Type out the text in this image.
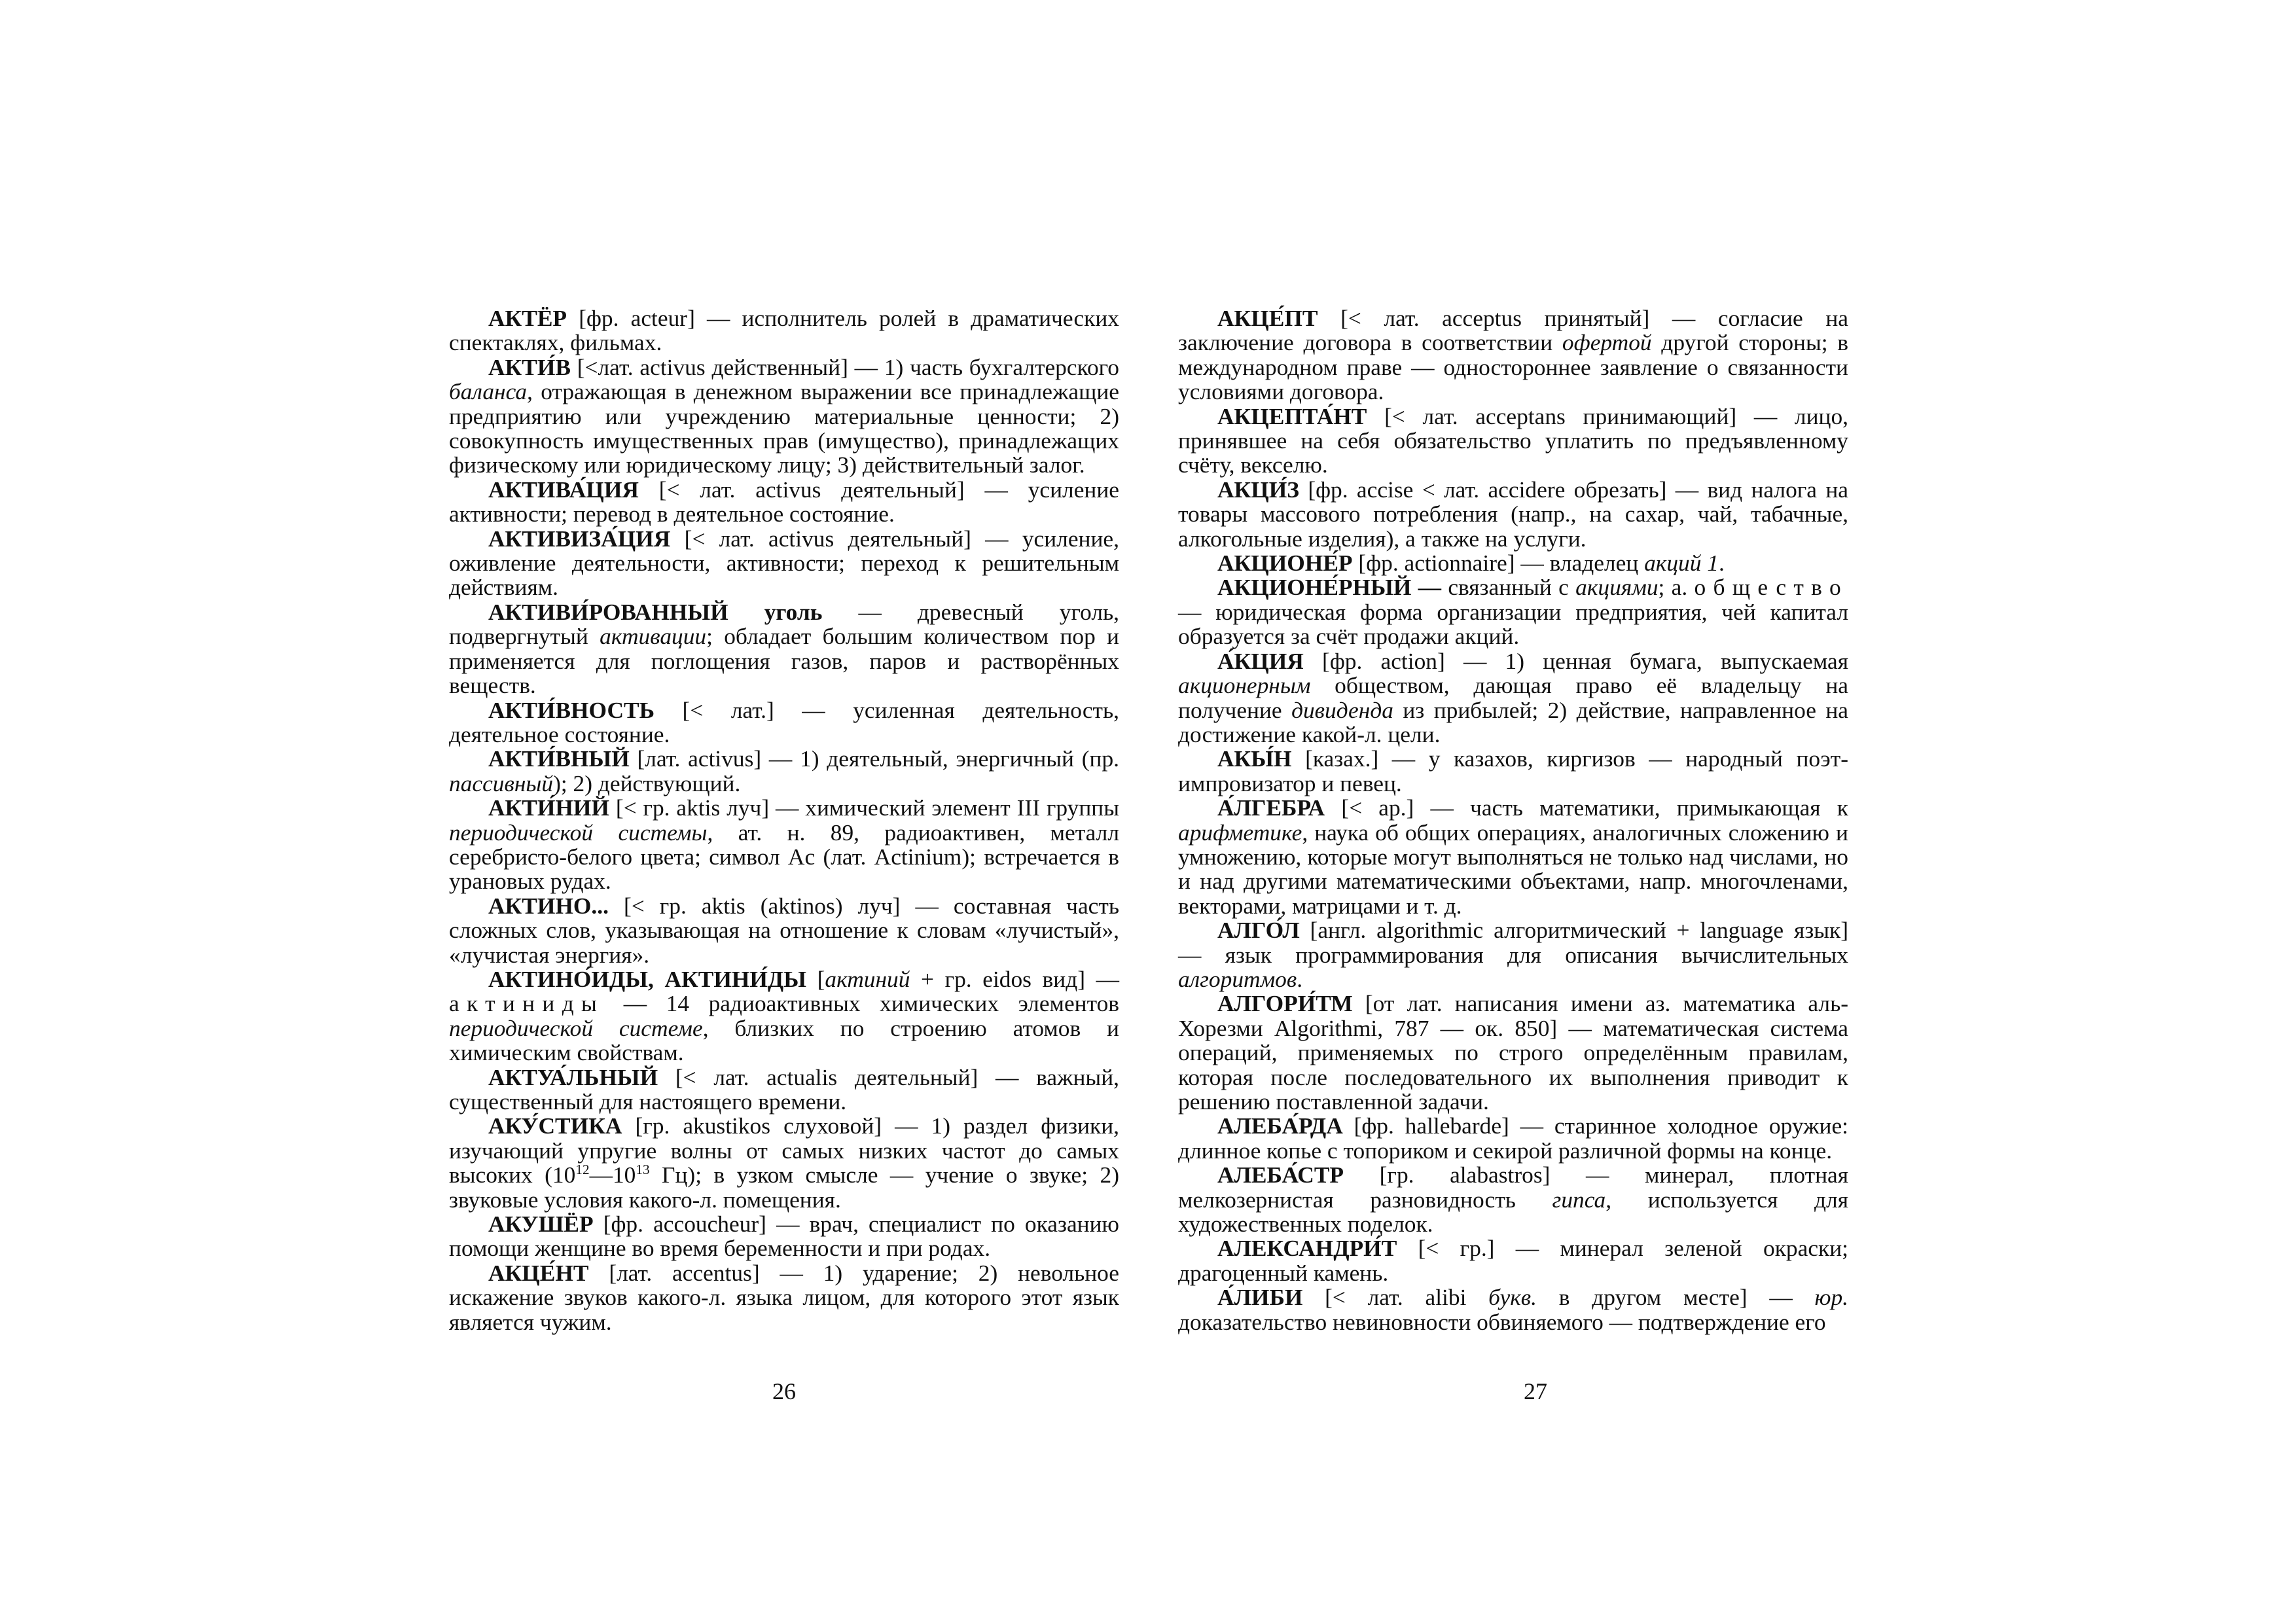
АКТЁР [фр. acteur] — исполнитель ролей в драматических спектаклях, фильмах.

АКТИ́В [<лат. activus действенный] — 1) часть бухгалтерского баланса, отражающая в денежном выражении все принадлежащие предприятию или учреждению материальные ценности; 2) совокупность имущественных прав (имущество), принадлежащих физическому или юридическому лицу; 3) действительный залог.

АКТИВА́ЦИЯ [< лат. activus деятельный] — усиление активности; перевод в деятельное состояние.

АКТИВИЗА́ЦИЯ [< лат. activus деятельный] — усиление, оживление деятельности, активности; переход к решительным действиям.

АКТИВИ́РОВАННЫЙ уголь — древесный уголь, подвергнутый активации; обладает большим количеством пор и применяется для поглощения газов, паров и растворённых веществ.

АКТИ́ВНОСТЬ [< лат.] — усиленная деятельность, деятельное состояние.

АКТИ́ВНЫЙ [лат. activus] — 1) деятельный, энергичный (пр. пассивный); 2) действующий.

АКТИ́НИЙ [< гр. aktis луч] — химический элемент III группы периодической системы, ат. н. 89, радиоактивен, металл серебристо-белого цвета; символ Ac (лат. Actinium); встречается в урановых рудах.

АКТИНО... [< гр. aktis (aktinos) луч] — составная часть сложных слов, указывающая на отношение к словам «лучистый», «лучистая энергия».

АКТИНО́ИДЫ, АКТИНИ́ДЫ [актиний + гр. eidos вид] — актиниды — 14 радиоактивных химических элементов периодической системе, близких по строению атомов и химическим свойствам.

АКТУА́ЛЬНЫЙ [< лат. actualis деятельный] — важный, существенный для настоящего времени.

АКУ́СТИКА [гр. akustikos слуховой] — 1) раздел физики, изучающий упругие волны от самых низких частот до самых высоких ($10^{12}—10^{13}$ Гц); в узком смысле — учение о звуке; 2) звуковые условия какого-л. помещения.

АКУШЁР [фр. accoucheur] — врач, специалист по оказанию помощи женщине во время беременности и при родах.

АКЦЕ́НТ [лат. accentus] — 1) ударение; 2) невольное искажение звуков какого-л. языка лицом, для которого этот язык является чужим.

АКЦЕ́ПТ [< лат. acceptus принятый] — согласие на заключение договора в соответствии офертой другой стороны; в международном праве — одностороннее заявление о связанности условиями договора.

АКЦЕПТА́НТ [< лат. acceptans принимающий] — лицо, принявшее на себя обязательство уплатить по предъявленному счёту, векселю.

АКЦИ́З [фр. accise < лат. accidere обрезать] — вид налога на товары массового потребления (напр., на сахар, чай, табачные, алкогольные изделия), а также на услуги.

АКЦИОНЕ́Р [фр. actionnaire] — владелец акций 1.

АКЦИОНЕ́РНЫЙ — связанный с акциями; а. общество — юридическая форма организации предприятия, чей капитал образуется за счёт продажи акций.

А́КЦИЯ [фр. action] — 1) ценная бумага, выпускаемая акционерным обществом, дающая право её владельцу на получение дивиденда из прибылей; 2) действие, направленное на достижение какой-л. цели.

АКЫ́Н [казах.] — у казахов, киргизов — народный поэт-импровизатор и певец.

А́ЛГЕБРА [< ар.] — часть математики, примыкающая к арифметике, наука об общих операциях, аналогичных сложению и умножению, которые могут выполняться не только над числами, но и над другими математическими объектами, напр. многочленами, векторами, матрицами и т. д.

АЛГО́Л [англ. algorithmic алгоритмический + language язык] — язык программирования для описания вычислительных алгоритмов.

АЛГОРИ́ТМ [от лат. написания имени аз. математика аль-Хорезми Algorithmi, 787 — ок. 850] — математическая система операций, применяемых по строго определённым правилам, которая после последовательного их выполнения приводит к решению поставленной задачи.

АЛЕБА́РДА [фр. hallebarde] — старинное холодное оружие: длинное копье с топориком и секирой различной формы на конце.

АЛЕБА́СТР [гр. alabastros] — минерал, плотная мелкозернистая разновидность гипса, используется для художественных поделок.

АЛЕКСАНДРИ́Т [< гр.] — минерал зеленой окраски; драгоценный камень.

А́ЛИБИ [< лат. alibi букв. в другом месте] — юр. доказательство невиновности обвиняемого — подтверждение его

26	27
